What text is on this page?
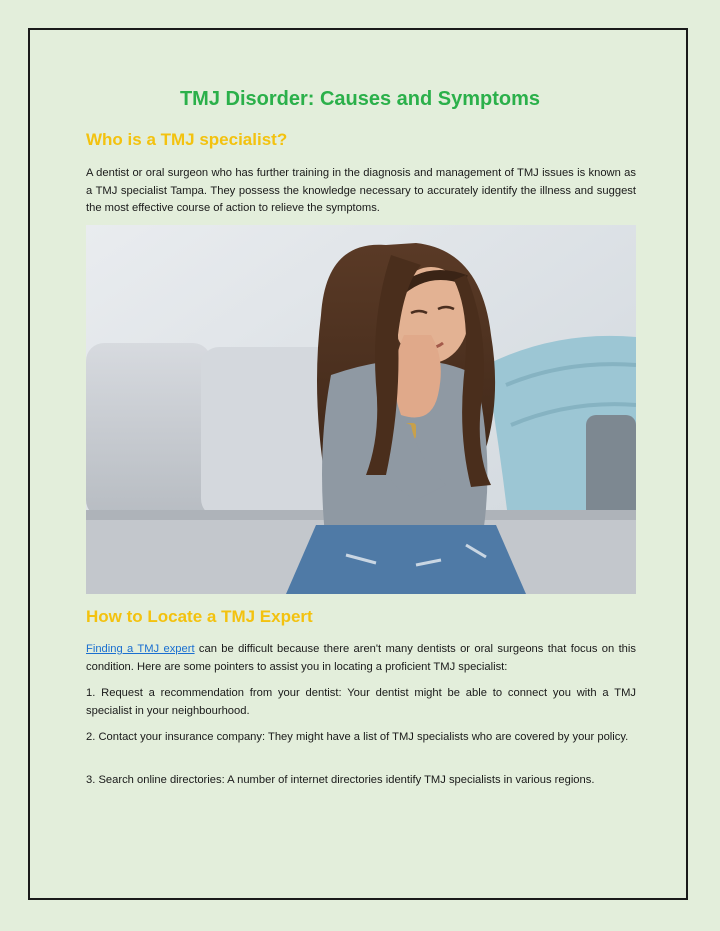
TMJ Disorder: Causes and Symptoms
Who is a TMJ specialist?

A dentist or oral surgeon who has further training in the diagnosis and management of TMJ issues is known as a TMJ specialist Tampa. They possess the knowledge necessary to accurately identify the illness and suggest the most effective course of action to relieve the symptoms.

How to Locate a TMJ Expert

Finding a TMJ expert can be difficult because there aren't many dentists or oral surgeons that focus on this condition. Here are some pointers to assist you in locating a proficient TMJ specialist:

1. Request a recommendation from your dentist: Your dentist might be able to connect you with a TMJ specialist in your neighbourhood.

2. Contact your insurance company: They might have a list of TMJ specialists who are covered by your policy.

3. Search online directories: A number of internet directories identify TMJ specialists in various regions.
